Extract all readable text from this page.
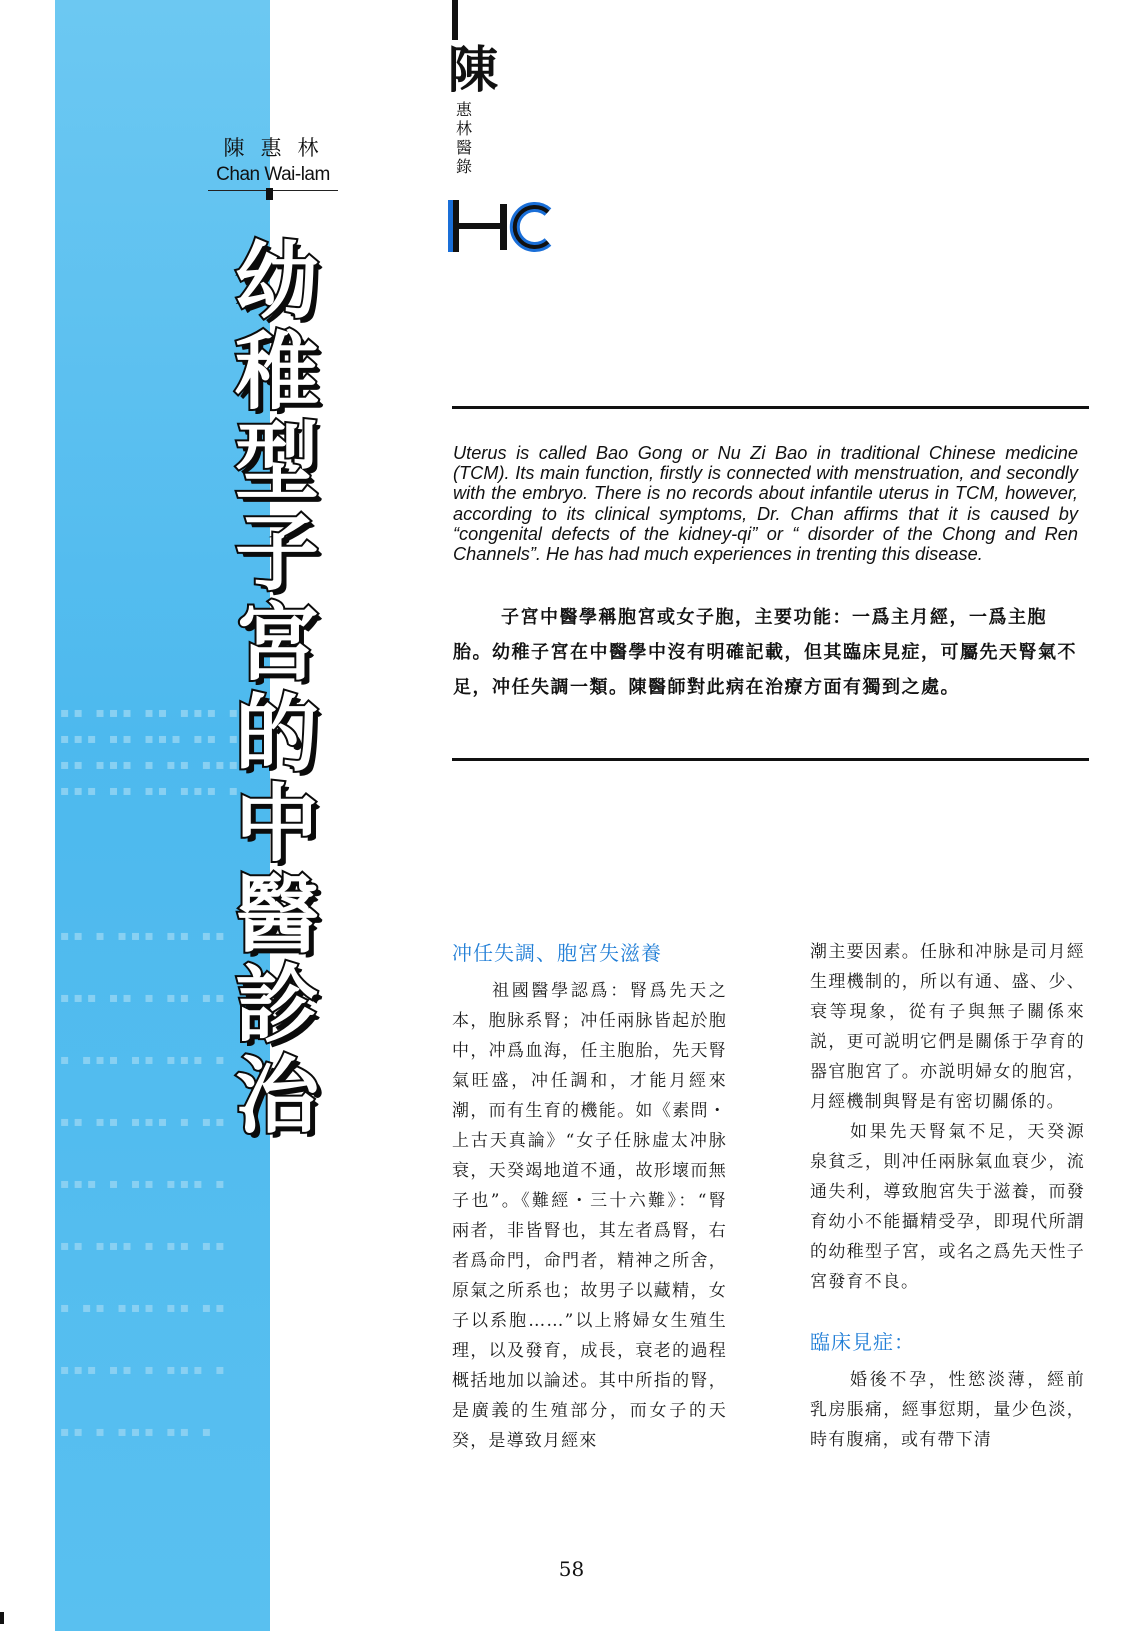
▪▪ ▪▪▪ ▪▪ ▪▪▪ ▪▪
▪▪▪ ▪▪ ▪▪▪ ▪▪ ▪
▪▪ ▪▪▪ ▪ ▪▪ ▪▪▪
▪▪▪ ▪▪ ▪▪ ▪▪▪ ▪
▪▪ ▪ ▪▪▪ ▪▪ ▪▪
▪▪▪ ▪▪ ▪ ▪▪ ▪▪
▪ ▪▪▪ ▪▪ ▪▪▪ ▪
▪▪ ▪▪ ▪▪▪ ▪ ▪▪
▪▪▪ ▪ ▪▪ ▪▪▪ ▪
▪▪ ▪▪▪ ▪ ▪▪ ▪▪
▪ ▪▪ ▪▪▪ ▪▪ ▪▪
▪▪▪ ▪▪ ▪ ▪▪▪ ▪
▪▪ ▪ ▪▪▪ ▪▪ ▪
陳惠林
Chan Wai-lam
幼
稚
型
子
宮
的
中
醫
診
治
陳
惠
林
醫
錄
Uterus is called Bao Gong or Nu Zi Bao in traditional Chinese medicine (TCM). Its main function, firstly is connected with menstruation, and secondly with the embryo. There is no records about infantile uterus in TCM, however, according to its clinical symptoms, Dr. Chan affirms that it is caused by “congenital defects of the kidney-qi” or “ disorder of the Chong and Ren Channels”. He has had much experiences in trenting this disease.
子宮中醫學稱胞宮或女子胞，主要功能：一爲主月經，一爲主胞胎。幼稚子宮在中醫學中沒有明確記載，但其臨床見症，可屬先天腎氣不足，冲任失調一類。陳醫師對此病在治療方面有獨到之處。
冲任失調、胞宮失滋養

祖國醫學認爲：腎爲先天之本，胞脉系腎；冲任兩脉皆起於胞中，冲爲血海，任主胞胎，先天腎氣旺盛，冲任調和，才能月經來潮，而有生育的機能。如《素問・上古天真論》“女子任脉虛太冲脉衰，天癸竭地道不通，故形壞而無子也”。《難經・三十六難》：“腎兩者，非皆腎也，其左者爲腎，右者爲命門，命門者，精神之所舍，原氣之所系也；故男子以藏精，女子以系胞……”以上將婦女生殖生理，以及發育，成長，衰老的過程概括地加以論述。其中所指的腎，是廣義的生殖部分，而女子的天癸，是導致月經來

潮主要因素。任脉和冲脉是司月經生理機制的，所以有通、盛、少、衰等現象，從有子與無子關係來説，更可説明它們是關係于孕育的器官胞宮了。亦説明婦女的胞宮，月經機制與腎是有密切關係的。

如果先天腎氣不足，天癸源泉貧乏，則冲任兩脉氣血衰少，流通失利，導致胞宮失于滋養，而發育幼小不能攝精受孕，即現代所謂的幼稚型子宮，或名之爲先天性子宮發育不良。

臨床見症：

婚後不孕，性慾淡薄，經前乳房脹痛，經事愆期，量少色淡，時有腹痛，或有帶下清

58
